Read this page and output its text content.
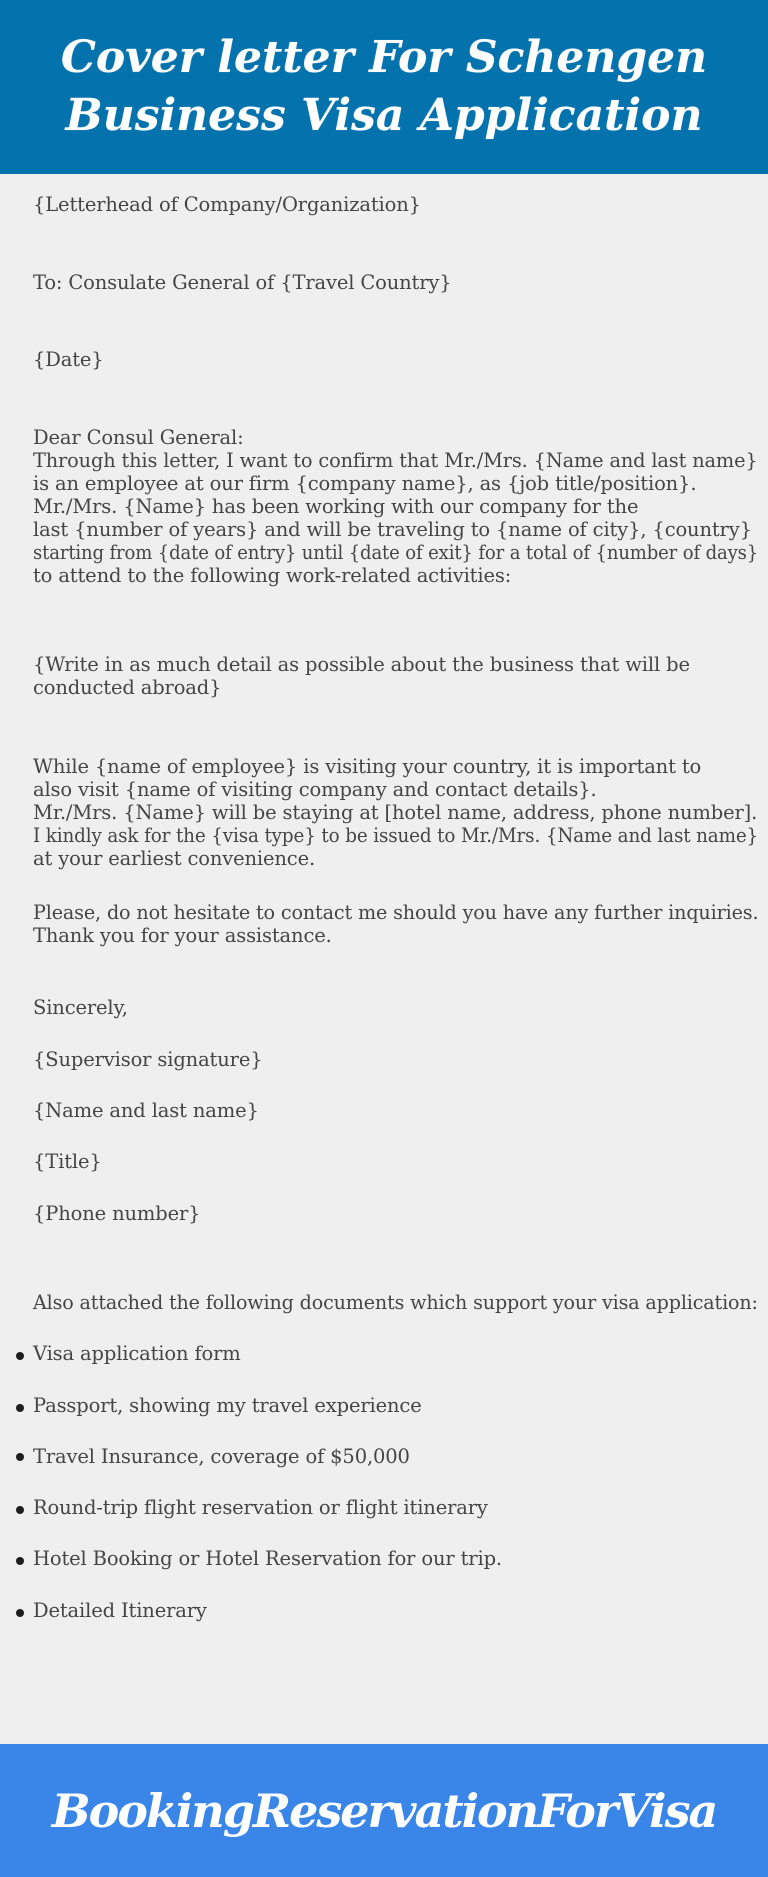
Cover letter For Schengen
Business Visa Application

{Letterhead of Company/Organization}

To: Consulate General of {Travel Country}

{Date}

Dear Consul General:

Through this letter, I want to confirm that Mr./Mrs. {Name and last name}

is an employee at our firm {company name}, as {job title/position}.

Mr./Mrs. {Name} has been working with our company for the

last {number of years} and will be traveling to {name of city}, {country}

starting from {date of entry} until {date of exit} for a total of {number of days}

to attend to the following work-related activities:

{Write in as much detail as possible about the business that will be

conducted abroad}

While {name of employee} is visiting your country, it is important to

also visit {name of visiting company and contact details}.

Mr./Mrs. {Name} will be staying at [hotel name, address, phone number].

I kindly ask for the {visa type} to be issued to Mr./Mrs. {Name and last name}

at your earliest convenience.

Please, do not hesitate to contact me should you have any further inquiries.

Thank you for your assistance.

Sincerely,

{Supervisor signature}

{Name and last name}

{Title}

{Phone number}

Also attached the following documents which support your visa application:

Visa application form

Passport, showing my travel experience

Travel Insurance, coverage of $50,000

Round-trip flight reservation or flight itinerary

Hotel Booking or Hotel Reservation for our trip.

Detailed Itinerary

BookingReservationForVisa
